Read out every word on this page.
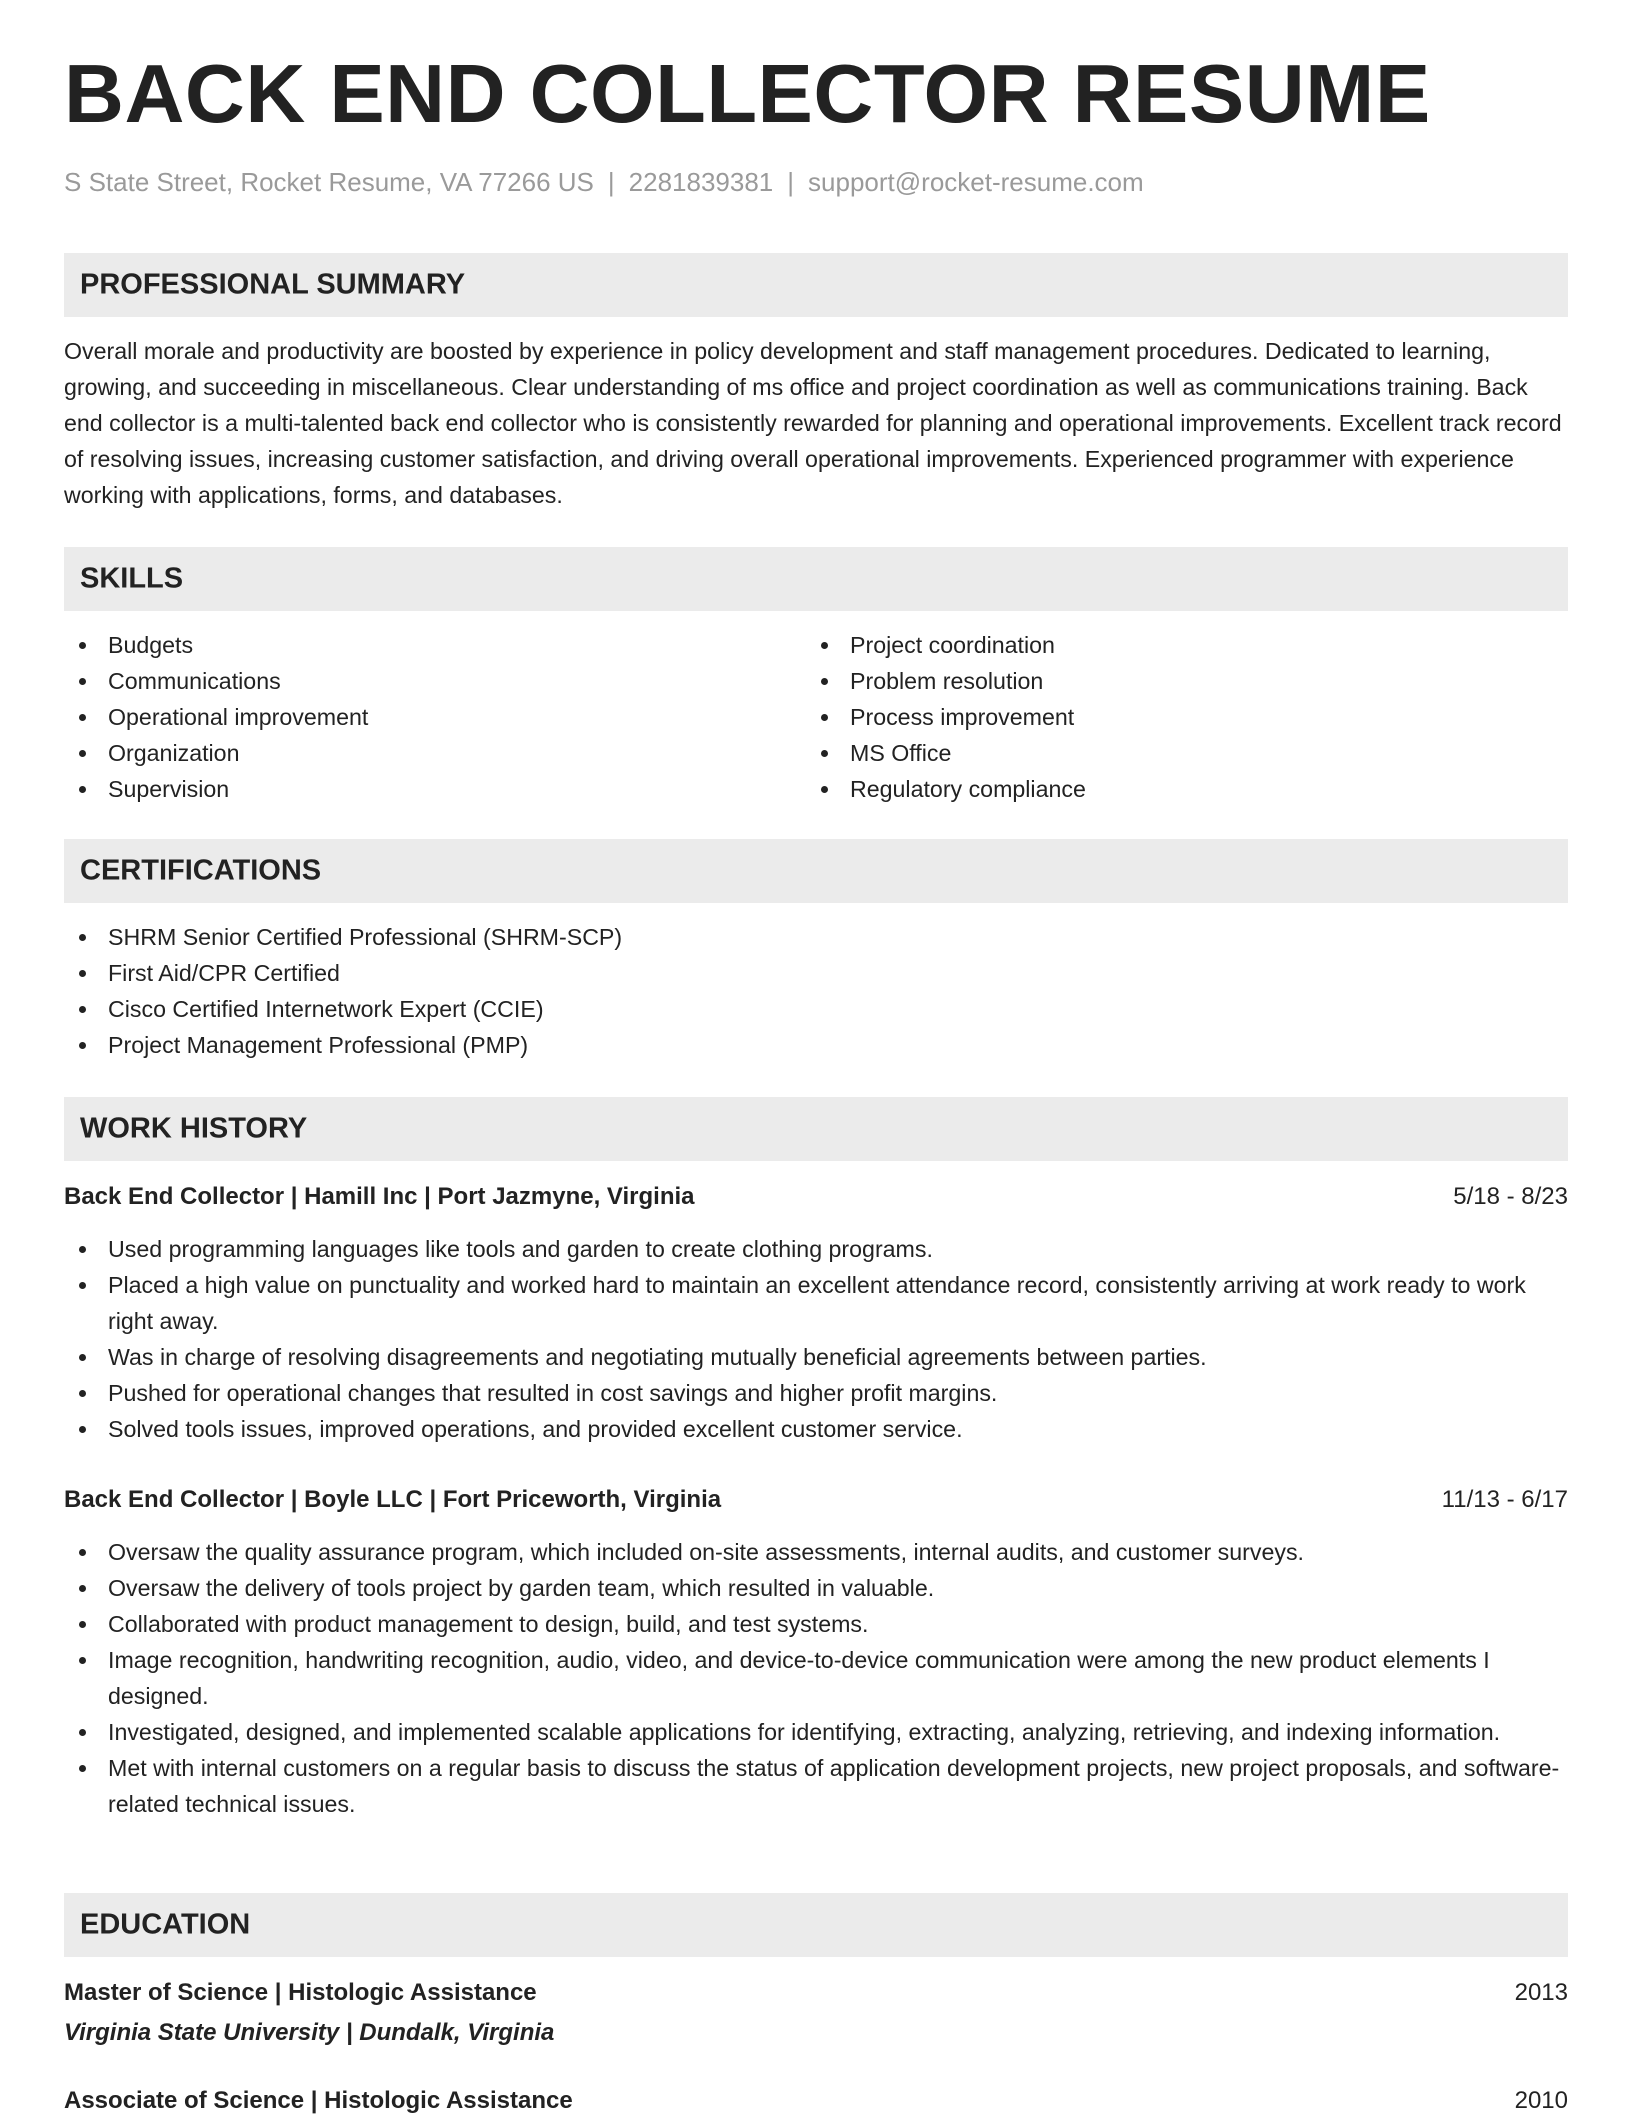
BACK END COLLECTOR RESUME
S State Street, Rocket Resume, VA 77266 US | 2281839381 | support@rocket-resume.com
PROFESSIONAL SUMMARY

Overall morale and productivity are boosted by experience in policy development and staff management procedures. Dedicated to learning, growing, and succeeding in miscellaneous. Clear understanding of ms office and project coordination as well as communications training. Back end collector is a multi-talented back end collector who is consistently rewarded for planning and operational improvements. Excellent track record of resolving issues, increasing customer satisfaction, and driving overall operational improvements. Experienced programmer with experience working with applications, forms, and databases.

SKILLS
Budgets
Communications
Operational improvement
Organization
Supervision
Project coordination
Problem resolution
Process improvement
MS Office
Regulatory compliance
CERTIFICATIONS
SHRM Senior Certified Professional (SHRM-SCP)
First Aid/CPR Certified
Cisco Certified Internetwork Expert (CCIE)
Project Management Professional (PMP)
WORK HISTORY
Back End Collector | Hamill Inc | Port Jazmyne, Virginia	5/18 - 8/23
Used programming languages like tools and garden to create clothing programs.
Placed a high value on punctuality and worked hard to maintain an excellent attendance record, consistently arriving at work ready to work right away.
Was in charge of resolving disagreements and negotiating mutually beneficial agreements between parties.
Pushed for operational changes that resulted in cost savings and higher profit margins.
Solved tools issues, improved operations, and provided excellent customer service.
Back End Collector | Boyle LLC | Fort Priceworth, Virginia	11/13 - 6/17
Oversaw the quality assurance program, which included on-site assessments, internal audits, and customer surveys.
Oversaw the delivery of tools project by garden team, which resulted in valuable.
Collaborated with product management to design, build, and test systems.
Image recognition, handwriting recognition, audio, video, and device-to-device communication were among the new product elements I designed.
Investigated, designed, and implemented scalable applications for identifying, extracting, analyzing, retrieving, and indexing information.
Met with internal customers on a regular basis to discuss the status of application development projects, new project proposals, and software-related technical issues.
EDUCATION
Master of Science | Histologic Assistance	2013
Virginia State University | Dundalk, Virginia
Associate of Science | Histologic Assistance	2010
